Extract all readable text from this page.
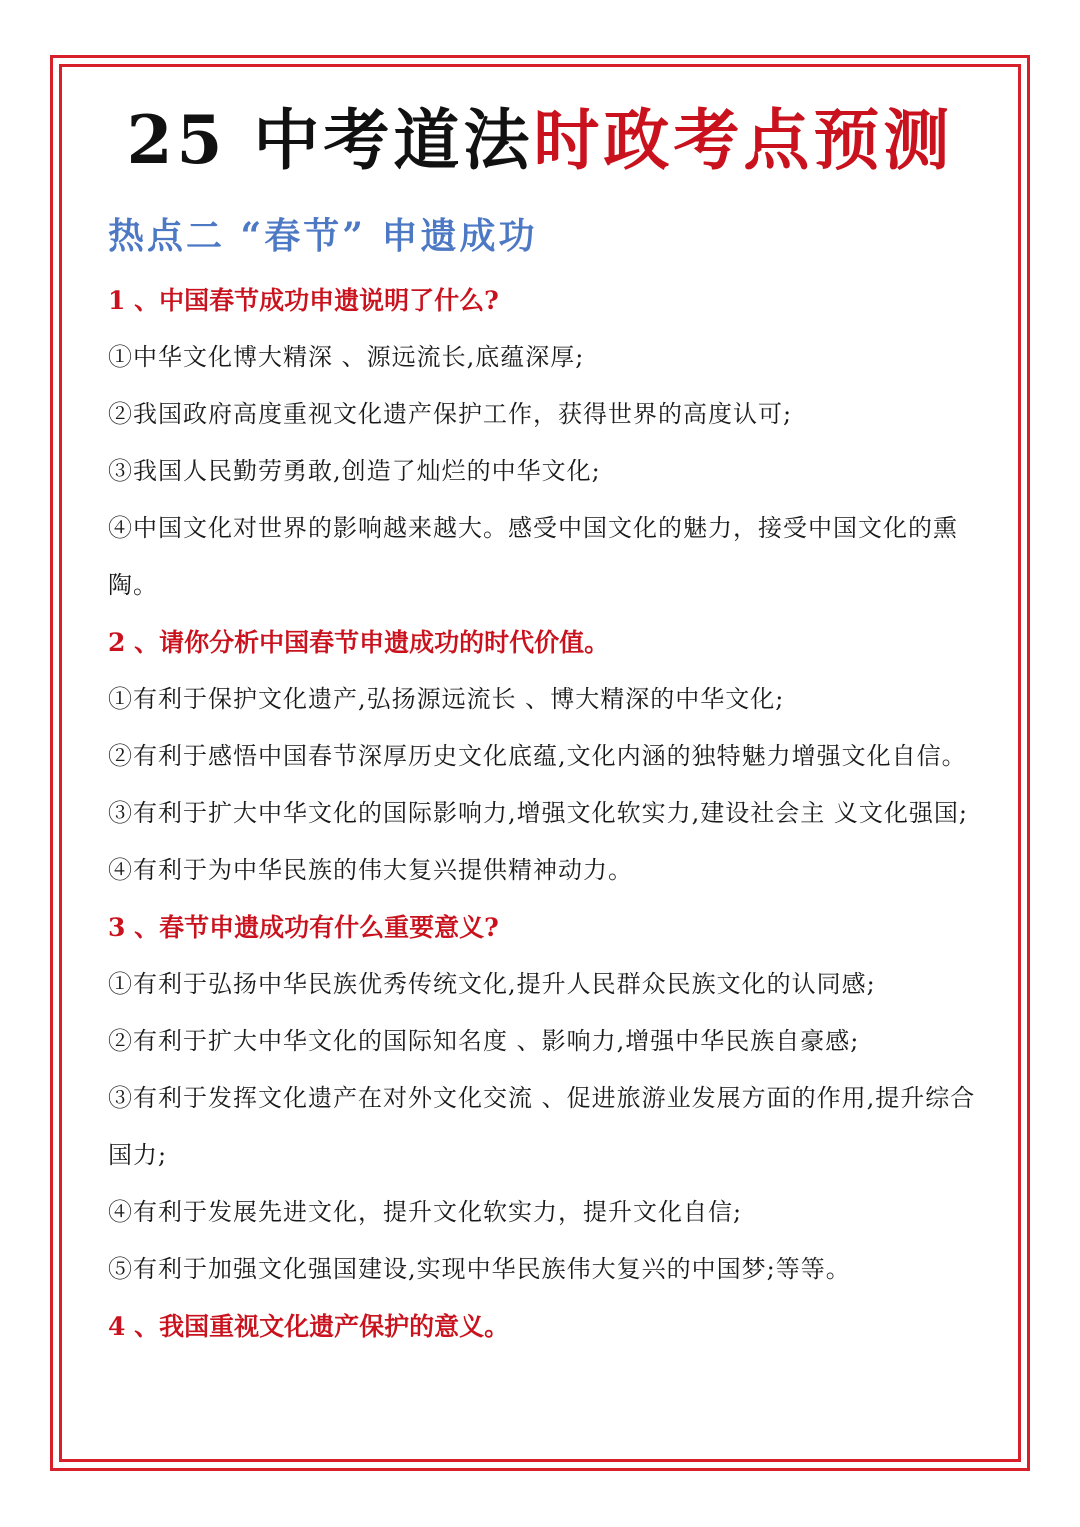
25 中考道法时政考点预测
热点二 “春节” 申遗成功
1 、中国春节成功申遗说明了什么?
①中华文化博大精深 、源远流长,底蕴深厚;
②我国政府高度重视文化遗产保护工作，获得世界的高度认可;
③我国人民勤劳勇敢,创造了灿烂的中华文化;
④中国文化对世界的影响越来越大。感受中国文化的魅力，接受中国文化的熏陶。
2 、请你分析中国春节申遗成功的时代价值。
①有利于保护文化遗产,弘扬源远流长 、博大精深的中华文化;
②有利于感悟中国春节深厚历史文化底蕴,文化内涵的独特魅力增强文化自信。
③有利于扩大中华文化的国际影响力,增强文化软实力,建设社会主 义文化强国;
④有利于为中华民族的伟大复兴提供精神动力。
3 、春节申遗成功有什么重要意义?
①有利于弘扬中华民族优秀传统文化,提升人民群众民族文化的认同感;
②有利于扩大中华文化的国际知名度 、影响力,增强中华民族自豪感;
③有利于发挥文化遗产在对外文化交流 、促进旅游业发展方面的作用,提升综合国力;
④有利于发展先进文化，提升文化软实力，提升文化自信;
⑤有利于加强文化强国建设,实现中华民族伟大复兴的中国梦;等等。
4 、我国重视文化遗产保护的意义。
